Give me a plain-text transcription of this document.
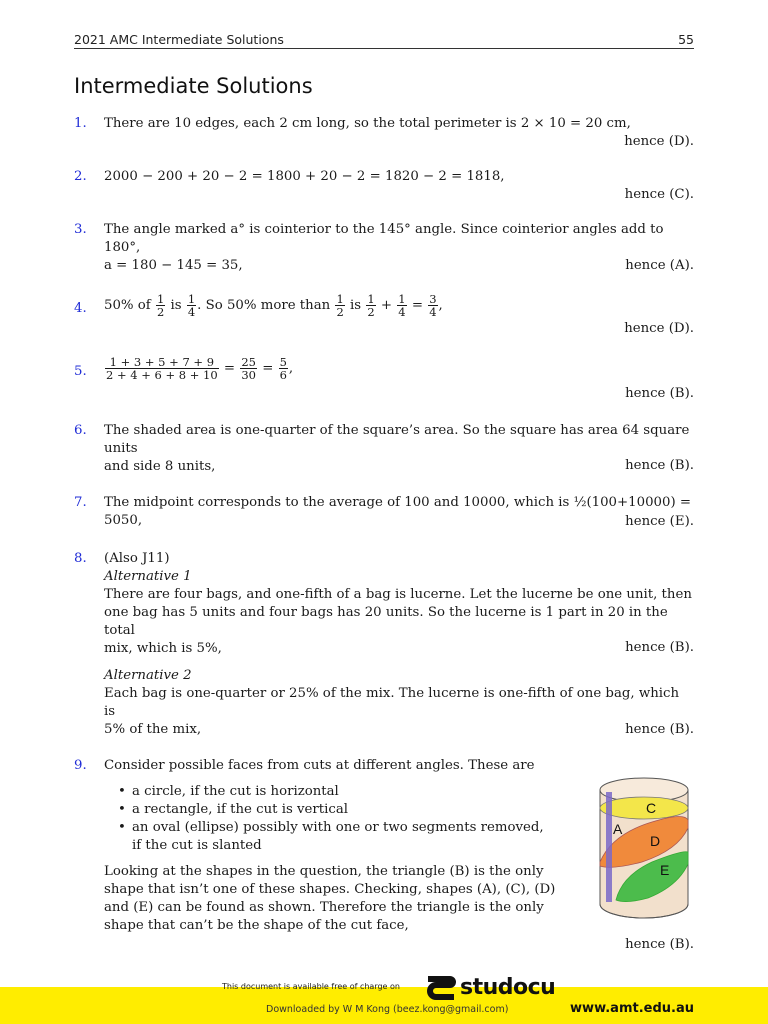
2021 AMC Intermediate Solutions	55
Intermediate Solutions
1. There are 10 edges, each 2 cm long, so the total perimeter is 2 × 10 = 20 cm,
hence (D).
2. 2000 − 200 + 20 − 2 = 1800 + 20 − 2 = 1820 − 2 = 1818,
hence (C).
3. The angle marked a° is cointerior to the 145° angle. Since cointerior angles add to 180°,
a = 180 − 145 = 35,	hence (A).
4. 50% of $\frac{1}{2}$ is $\frac{1}{4}$ . So 50% more than $\frac{1}{2}$ is $\frac{1}{2} + \frac{1}{4} = \frac{3}{4}$ ,
hence (D).
5. $\frac{1 + 3 + 5 + 7 + 9}{2 + 4 + 6 + 8 + 10} = \frac{25}{30} = \frac{5}{6}$ ,
hence (B).
6. The shaded area is one-quarter of the square’s area. So the square has area 64 square units
and side 8 units,	hence (B).
7. The midpoint corresponds to the average of 100 and 10000, which is ½(100+10000) = 5050,	hence (E).
8. (Also J11)
Alternative 1
There are four bags, and one-fifth of a bag is lucerne. Let the lucerne be one unit, then
one bag has 5 units and four bags has 20 units. So the lucerne is 1 part in 20 in the total
mix, which is 5%,	hence (B).
Alternative 2
Each bag is one-quarter or 25% of the mix. The lucerne is one-fifth of one bag, which is
5% of the mix,	hence (B).
9. Consider possible faces from cuts at different angles. These are
• a circle, if the cut is horizontal
• a rectangle, if the cut is vertical
• an oval (ellipse) possibly with one or two segments removed,
if the cut is slanted
Looking at the shapes in the question, the triangle (B) is the only
shape that isn’t one of these shapes. Checking, shapes (A), (C), (D)
and (E) can be found as shown. Therefore the triangle is the only
shape that can’t be the shape of the cut face,
hence (B).
C
A
D
E
This document is available free of charge on	studocu
Downloaded by W M Kong (beez.kong@gmail.com)	www.amt.edu.au
